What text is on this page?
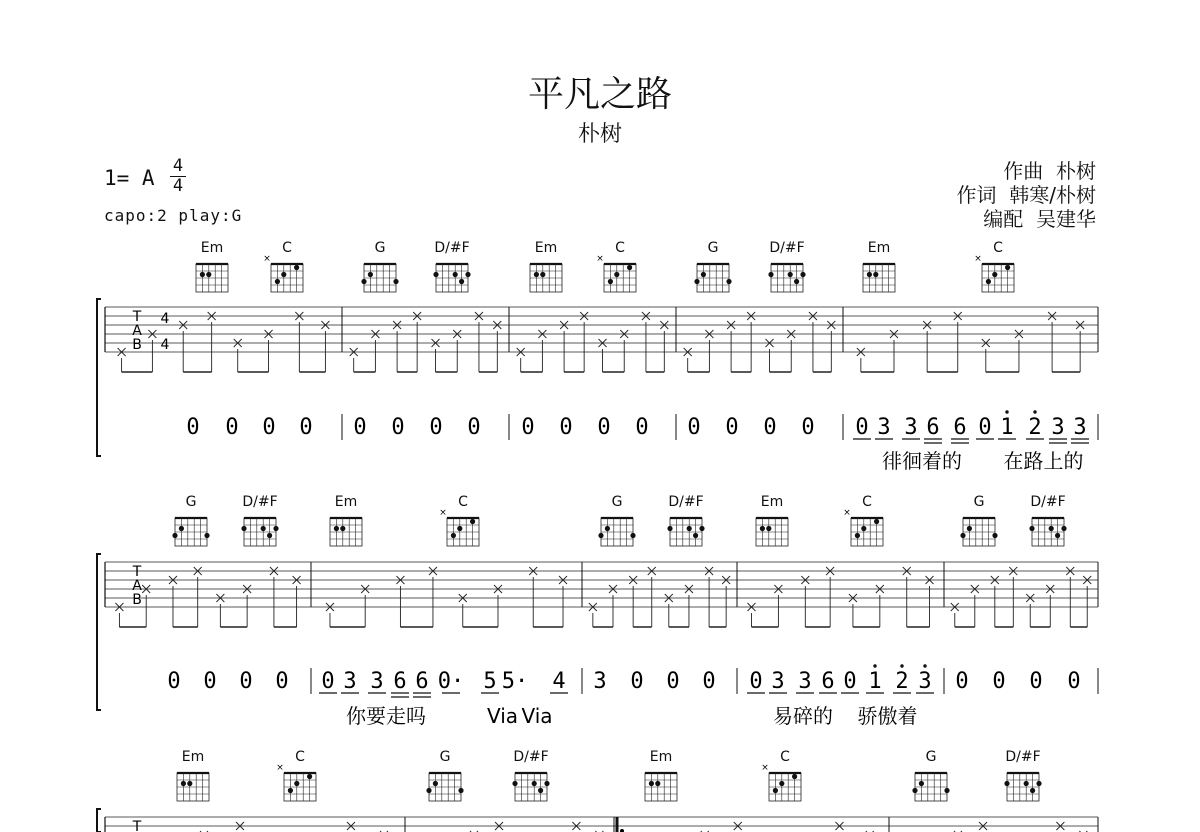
平凡之路
朴树
1= A 4
4
capo:2 play:G
作曲  朴树
作词  韩寒/朴树
编配  吴建华
×	×	×
T
A
B
4
4
Em	C	G	D/#F	Em	C	G	D/#F	Em	C
0 0 0 0 0 0 0 0 0 0 0 0 0 0 0 0 0 3 3 6 6 0 1 2 3 3
徘徊着的 在路上的
×	×
T
A
B
G	D/#F	Em	C	G	D/#F	Em	C	G	D/#F
0 0 0 0 0 3 3 6 6 0· 5 5· 4 3 0 0 0 0 3 3 6 0 1 2 3 0 0 0 0
你要走吗	Via Via	易碎的 骄傲着
×	×
T
Em	C	G	D/#F	Em	C	G	D/#F
